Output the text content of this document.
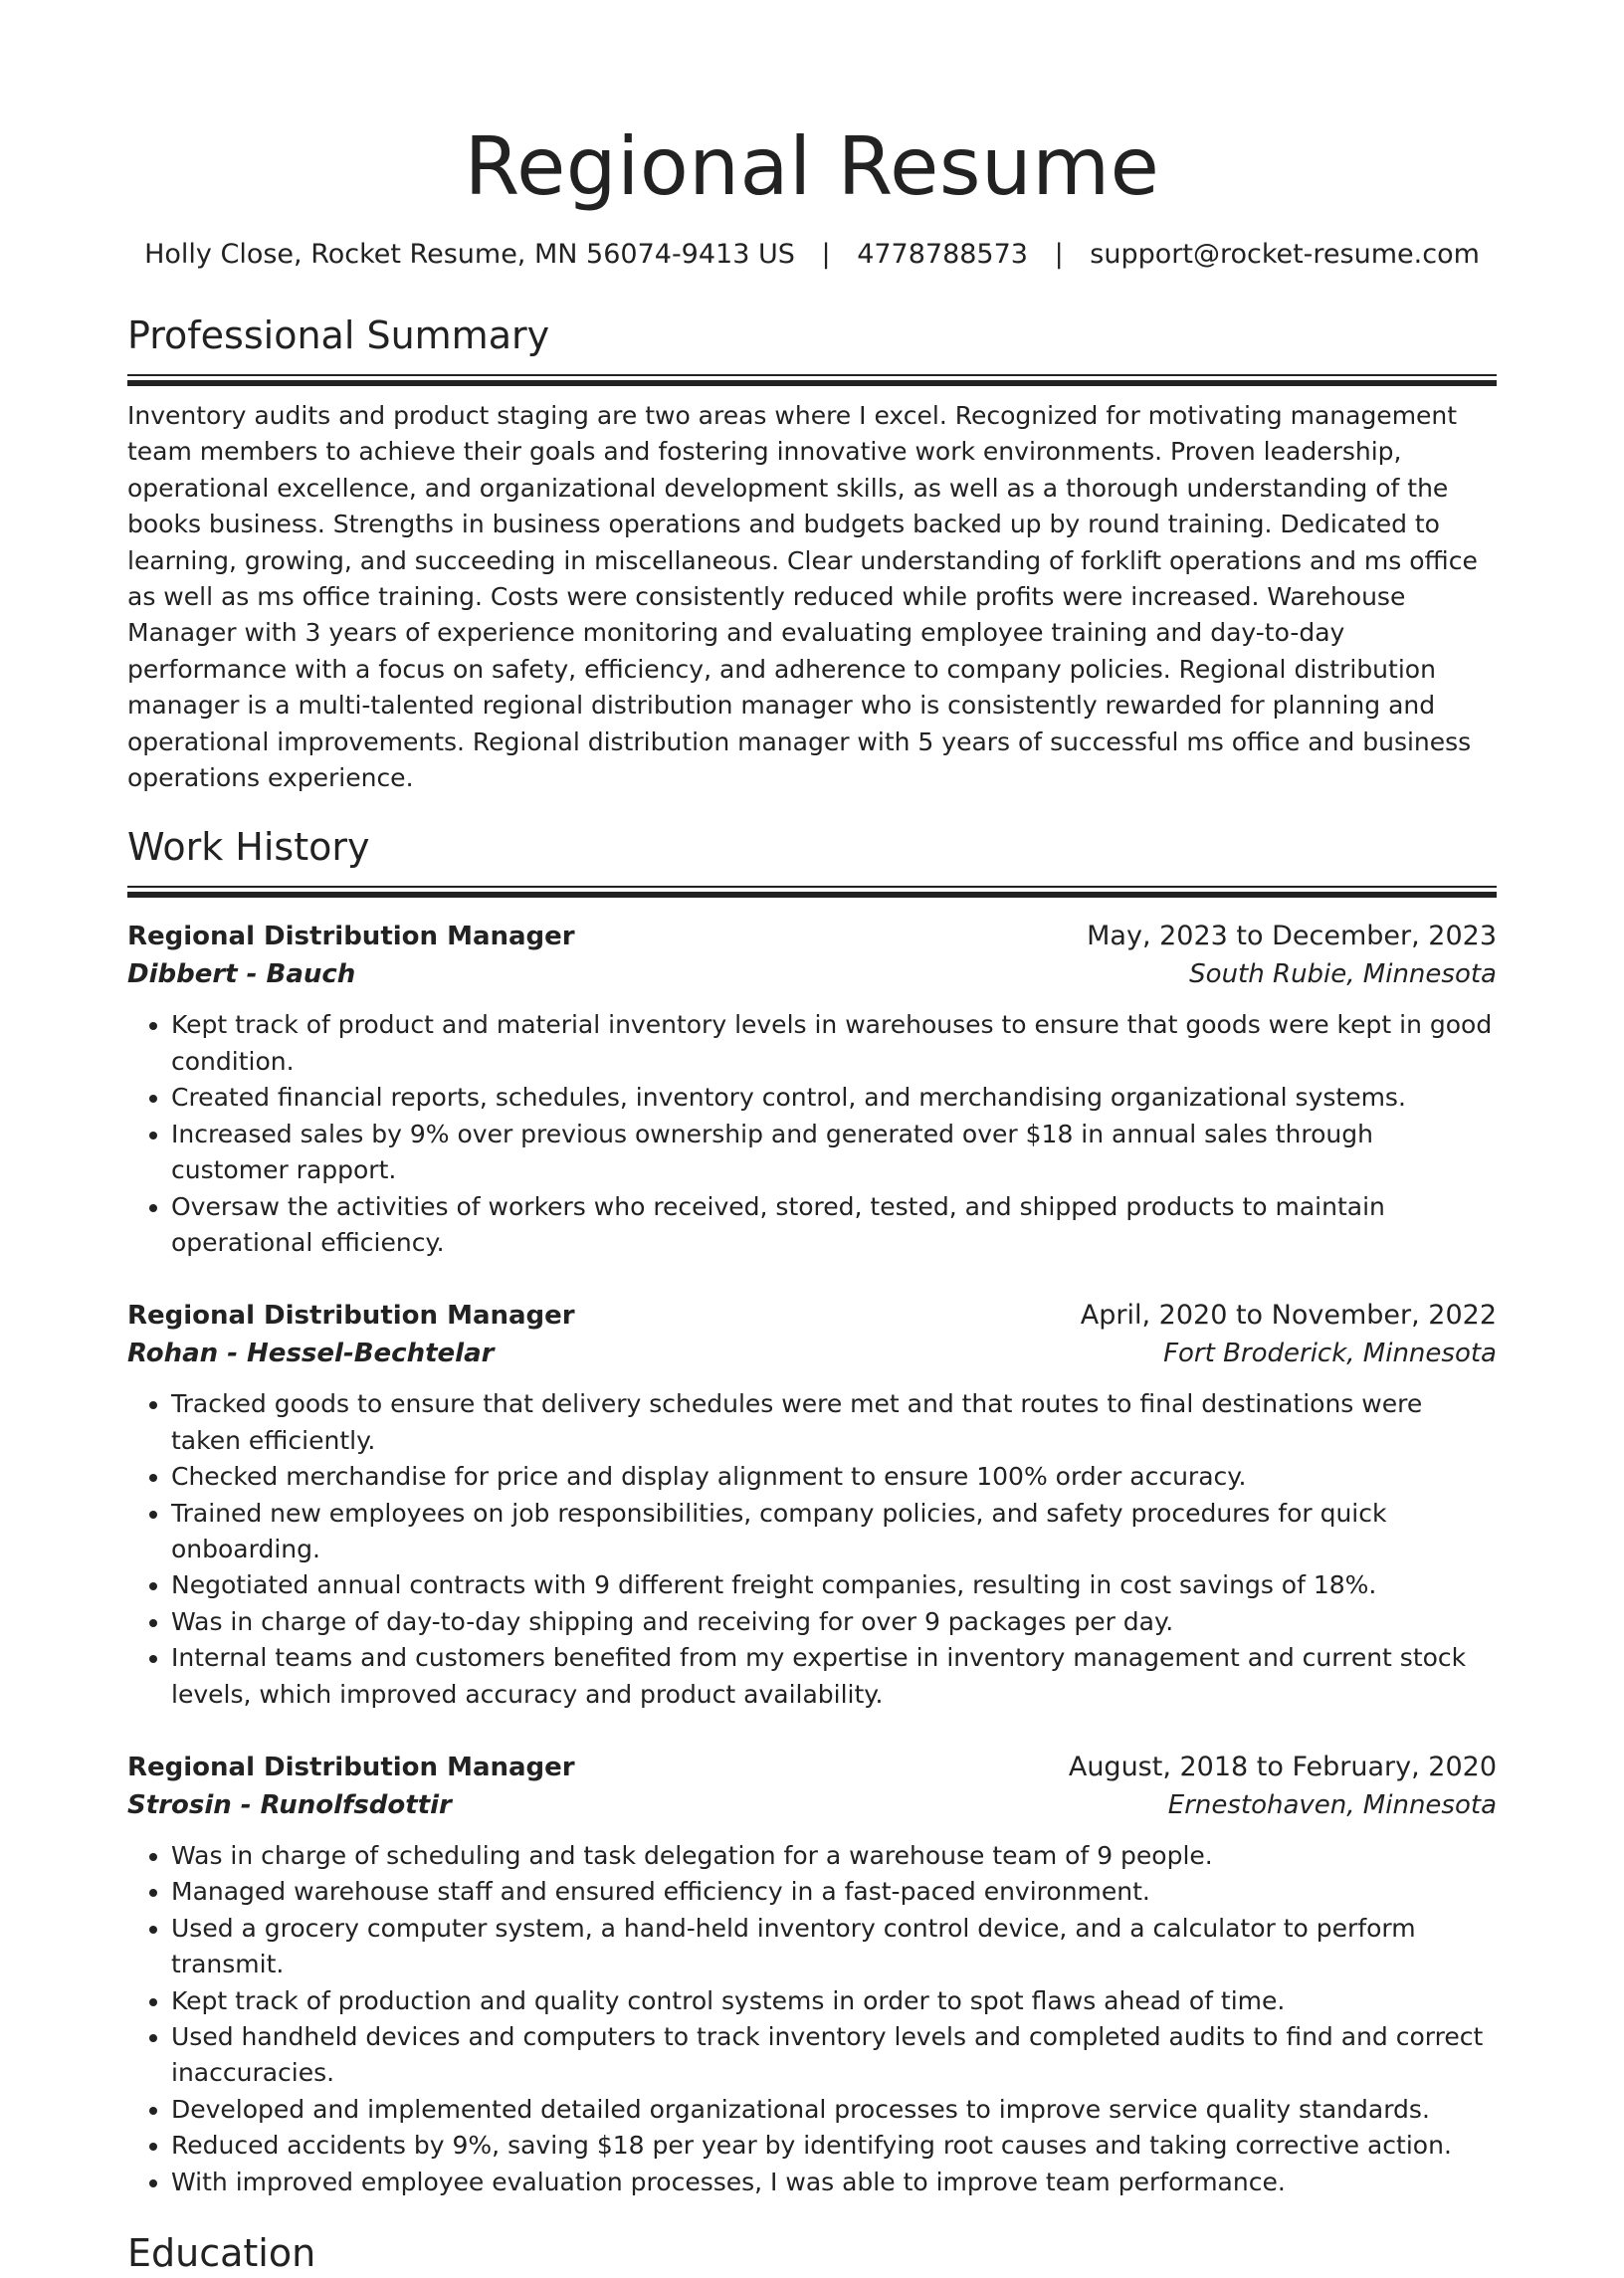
Regional Resume
Holly Close, Rocket Resume, MN 56074-9413 US | 4778788573 | support@rocket-resume.com
Professional Summary

Inventory audits and product staging are two areas where I excel. Recognized for motivating management team members to achieve their goals and fostering innovative work environments. Proven leadership, operational excellence, and organizational development skills, as well as a thorough understanding of the books business. Strengths in business operations and budgets backed up by round training. Dedicated to learning, growing, and succeeding in miscellaneous. Clear understanding of forklift operations and ms office as well as ms office training. Costs were consistently reduced while profits were increased. Warehouse Manager with 3 years of experience monitoring and evaluating employee training and day-to-day performance with a focus on safety, efficiency, and adherence to company policies. Regional distribution manager is a multi-talented regional distribution manager who is consistently rewarded for planning and operational improvements. Regional distribution manager with 5 years of successful ms office and business operations experience.

Work History
Regional Distribution Manager	May, 2023 to December, 2023
Dibbert - Bauch	South Rubie, Minnesota
• Kept track of product and material inventory levels in warehouses to ensure that goods were kept in good condition.
• Created financial reports, schedules, inventory control, and merchandising organizational systems.
• Increased sales by 9% over previous ownership and generated over $18 in annual sales through customer rapport.
• Oversaw the activities of workers who received, stored, tested, and shipped products to maintain operational efficiency.
Regional Distribution Manager	April, 2020 to November, 2022
Rohan - Hessel-Bechtelar	Fort Broderick, Minnesota
• Tracked goods to ensure that delivery schedules were met and that routes to final destinations were taken efficiently.
• Checked merchandise for price and display alignment to ensure 100% order accuracy.
• Trained new employees on job responsibilities, company policies, and safety procedures for quick onboarding.
• Negotiated annual contracts with 9 different freight companies, resulting in cost savings of 18%.
• Was in charge of day-to-day shipping and receiving for over 9 packages per day.
• Internal teams and customers benefited from my expertise in inventory management and current stock levels, which improved accuracy and product availability.
Regional Distribution Manager	August, 2018 to February, 2020
Strosin - Runolfsdottir	Ernestohaven, Minnesota
• Was in charge of scheduling and task delegation for a warehouse team of 9 people.
• Managed warehouse staff and ensured efficiency in a fast-paced environment.
• Used a grocery computer system, a hand-held inventory control device, and a calculator to perform transmit.
• Kept track of production and quality control systems in order to spot flaws ahead of time.
• Used handheld devices and computers to track inventory levels and completed audits to find and correct inaccuracies.
• Developed and implemented detailed organizational processes to improve service quality standards.
• Reduced accidents by 9%, saving $18 per year by identifying root causes and taking corrective action.
• With improved employee evaluation processes, I was able to improve team performance.
Education
